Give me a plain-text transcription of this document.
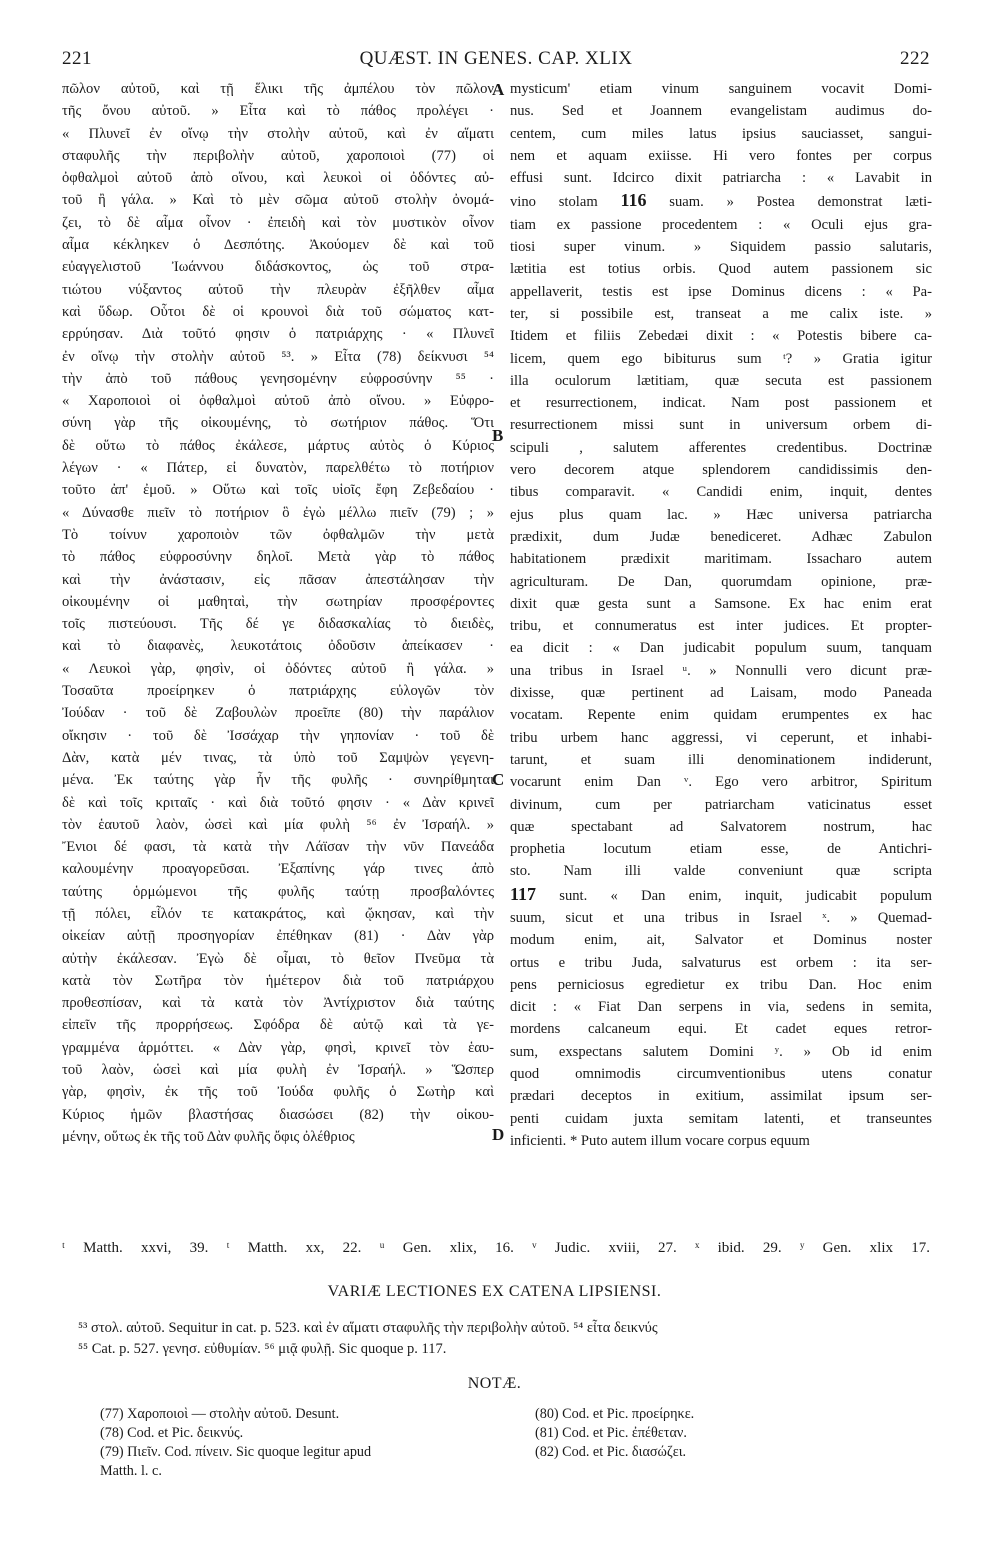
QUÆST. IN GENES. CAP. XLIX
221	222
πῶλον αὐτοῦ, καὶ τῇ ἕλικι τῆς ἀμπέλου τὸν πῶλον
τῆς ὄνου αὐτοῦ. » Εἶτα καὶ τὸ πάθος προλέγει ·
« Πλυνεῖ ἐν οἴνῳ τὴν στολὴν αὐτοῦ, καὶ ἐν αἵματι
σταφυλῆς τὴν περιβολὴν αὐτοῦ, χαροποιοὶ (77) οἱ
ὀφθαλμοὶ αὐτοῦ ἀπὸ οἴνου, καὶ λευκοὶ οἱ ὀδόντες αὐ-
τοῦ ἢ γάλα. » Καὶ τὸ μὲν σῶμα αὐτοῦ στολὴν ὀνομά-
ζει, τὸ δὲ αἷμα οἶνον · ἐπειδὴ καὶ τὸν μυστικὸν οἶνον
αἷμα κέκληκεν ὁ Δεσπότης. Ἀκούομεν δὲ καὶ τοῦ
εὐαγγελιστοῦ Ἰωάννου διδάσκοντος, ὡς τοῦ στρα-
τιώτου νύξαντος αὐτοῦ τὴν πλευρὰν ἐξῆλθεν αἷμα
καὶ ὕδωρ. Οὗτοι δὲ οἱ κρουνοὶ διὰ τοῦ σώματος κατ-
ερρύησαν. Διὰ τοῦτό φησιν ὁ πατριάρχης · « Πλυνεῖ
ἐν οἴνῳ τὴν στολὴν αὐτοῦ ⁵³. » Εἶτα (78) δείκνυσι ⁵⁴
τὴν ἀπὸ τοῦ πάθους γενησομένην εὐφροσύνην ⁵⁵ ·
« Χαροποιοὶ οἱ ὀφθαλμοὶ αὐτοῦ ἀπὸ οἴνου. » Εὐφρο-
σύνη γὰρ τῆς οἰκουμένης, τὸ σωτήριον πάθος. Ὅτι
δὲ οὕτω τὸ πάθος ἐκάλεσε, μάρτυς αὐτὸς ὁ Κύριος
λέγων · « Πάτερ, εἰ δυνατὸν, παρελθέτω τὸ ποτήριον
τοῦτο ἀπ' ἐμοῦ. » Οὕτω καὶ τοῖς υἱοῖς ἔφη Ζεβεδαίου ·
« Δύνασθε πιεῖν τὸ ποτήριον ὃ ἐγὼ μέλλω πιεῖν (79) ; »
Τὸ τοίνυν χαροποιὸν τῶν ὀφθαλμῶν τὴν μετὰ
τὸ πάθος εὐφροσύνην δηλοῖ. Μετὰ γὰρ τὸ πάθος
καὶ τὴν ἀνάστασιν, εἰς πᾶσαν ἀπεστάλησαν τὴν
οἰκουμένην οἱ μαθηταὶ, τὴν σωτηρίαν προσφέροντες
τοῖς πιστεύουσι. Τῆς δέ γε διδασκαλίας τὸ διειδὲς,
καὶ τὸ διαφανὲς, λευκοτάτοις ὀδοῦσιν ἀπείκασεν ·
« Λευκοὶ γὰρ, φησὶν, οἱ ὀδόντες αὐτοῦ ἢ γάλα. »
Τοσαῦτα προείρηκεν ὁ πατριάρχης εὐλογῶν τὸν
Ἰούδαν · τοῦ δὲ Ζαβουλὼν προεῖπε (80) τὴν παράλιον
οἴκησιν · τοῦ δὲ Ἰσσάχαρ τὴν γηπονίαν · τοῦ δὲ
Δὰν, κατὰ μέν τινας, τὰ ὑπὸ τοῦ Σαμψὼν γεγενη-
μένα. Ἐκ ταύτης γὰρ ἦν τῆς φυλῆς · συνηρίθμηται
δὲ καὶ τοῖς κριταῖς · καὶ διὰ τοῦτό φησιν · « Δὰν κρινεῖ
τὸν ἑαυτοῦ λαὸν, ὡσεὶ καὶ μία φυλὴ ⁵⁶ ἐν Ἰσραήλ. »
Ἔνιοι δέ φασι, τὰ κατὰ τὴν Λάϊσαν τὴν νῦν Πανεάδα
καλουμένην προαγορεῦσαι. Ἐξαπίνης γάρ τινες ἀπὸ
ταύτης ὁρμώμενοι τῆς φυλῆς ταύτῃ προσβαλόντες
τῇ πόλει, εἷλόν τε κατακράτος, καὶ ᾤκησαν, καὶ τὴν
οἰκείαν αὐτῇ προσηγορίαν ἐπέθηκαν (81) · Δὰν γὰρ
αὐτὴν ἐκάλεσαν. Ἐγὼ δὲ οἶμαι, τὸ θεῖον Πνεῦμα τὰ
κατὰ τὸν Σωτῆρα τὸν ἡμέτερον διὰ τοῦ πατριάρχου
προθεσπίσαν, καὶ τὰ κατὰ τὸν Ἀντίχριστον διὰ ταύτης
εἰπεῖν τῆς προρρήσεως. Σφόδρα δὲ αὐτῷ καὶ τὰ γε-
γραμμένα ἁρμόττει. « Δὰν γὰρ, φησὶ, κρινεῖ τὸν ἑαυ-
τοῦ λαὸν, ὡσεὶ καὶ μία φυλὴ ἐν Ἰσραήλ. » Ὥσπερ
γὰρ, φησὶν, ἐκ τῆς τοῦ Ἰούδα φυλῆς ὁ Σωτὴρ καὶ
Κύριος ἡμῶν βλαστήσας διασώσει (82) τὴν οἰκου-
μένην, οὕτως ἐκ τῆς τοῦ Δὰν φυλῆς ὄφις ὀλέθριος
mysticum' etiam vinum sanguinem vocavit Domi-
nus. Sed et Joannem evangelistam audimus do-
centem, cum miles latus ipsius sauciasset, sangui-
nem et aquam exiisse. Hi vero fontes per corpus
effusi sunt. Idcirco dixit patriarcha : « Lavabit in
vino stolam 116 suam. » Postea demonstrat læti-
tiam ex passione procedentem : « Oculi ejus gra-
tiosi super vinum. » Siquidem passio salutaris,
lætitia est totius orbis. Quod autem passionem sic
appellaverit, testis est ipse Dominus dicens : « Pa-
ter, si possibile est, transeat a me calix iste. »
Itidem et filiis Zebedæi dixit : « Potestis bibere ca-
licem, quem ego bibiturus sum ᵗ? » Gratia igitur
illa oculorum lætitiam, quæ secuta est passionem
et resurrectionem, indicat. Nam post passionem et
resurrectionem missi sunt in universum orbem di-
scipuli , salutem afferentes credentibus. Doctrinæ
vero decorem atque splendorem candidissimis den-
tibus comparavit. « Candidi enim, inquit, dentes
ejus plus quam lac. » Hæc universa patriarcha
prædixit, dum Judæ benediceret. Adhæc Zabulon
habitationem prædixit maritimam. Issacharo autem
agriculturam. De Dan, quorumdam opinione, præ-
dixit quæ gesta sunt a Samsone. Ex hac enim erat
tribu, et connumeratus est inter judices. Et propter-
ea dicit : « Dan judicabit populum suum, tanquam
una tribus in Israel ᵘ. » Nonnulli vero dicunt præ-
dixisse, quæ pertinent ad Laisam, modo Paneada
vocatam. Repente enim quidam erumpentes ex hac
tribu urbem hanc aggressi, vi ceperunt, et inhabi-
tarunt, et suam illi denominationem indiderunt,
vocarunt enim Dan ᵛ. Ego vero arbitror, Spiritum
divinum, cum per patriarcham vaticinatus esset
quæ spectabant ad Salvatorem nostrum, hac
prophetia locutum etiam esse, de Antichri-
sto. Nam illi valde conveniunt quæ scripta
117 sunt. « Dan enim, inquit, judicabit populum
suum, sicut et una tribus in Israel ˣ. » Quemad-
modum enim, ait, Salvator et Dominus noster
ortus e tribu Juda, salvaturus est orbem : ita ser-
pens perniciosus egredietur ex tribu Dan. Hoc enim
dicit : « Fiat Dan serpens in via, sedens in semita,
mordens calcaneum equi. Et cadet eques retror-
sum, exspectans salutem Domini ʸ. » Ob id enim
quod omnimodis circumventionibus utens conatur
prædari deceptos in exitium, assimilat ipsum ser-
penti cuidam juxta semitam latenti, et transeuntes
inficienti. * Puto autem illum vocare corpus equum
A
B
C
D
ᵗ Matth. xxvi, 39. ᵗ Matth. xx, 22. ᵘ Gen. xlix, 16. ᵛ Judic. xviii, 27. ˣ ibid. 29. ʸ Gen. xlix 17.
VARIÆ LECTIONES EX CATENA LIPSIENSI.
⁵³ στολ. αὐτοῦ. Sequitur in cat. p. 523. καὶ ἐν αἵματι σταφυλῆς τὴν περιβολὴν αὐτοῦ. ⁵⁴ εἶτα δεικνύς
⁵⁵ Cat. p. 527. γενησ. εὐθυμίαν. ⁵⁶ μιᾷ φυλῇ. Sic quoque p. 117.
NOTÆ.
(77) Χαροποιοὶ — στολὴν αὐτοῦ. Desunt.
(78) Cod. et Pic. δεικνύς.
(79) Πιεῖν. Cod. πίνειν. Sic quoque legitur apud
Matth. l. c.
(80) Cod. et Pic. προείρηκε.
(81) Cod. et Pic. ἐπέθεταν.
(82) Cod. et Pic. διασώζει.
